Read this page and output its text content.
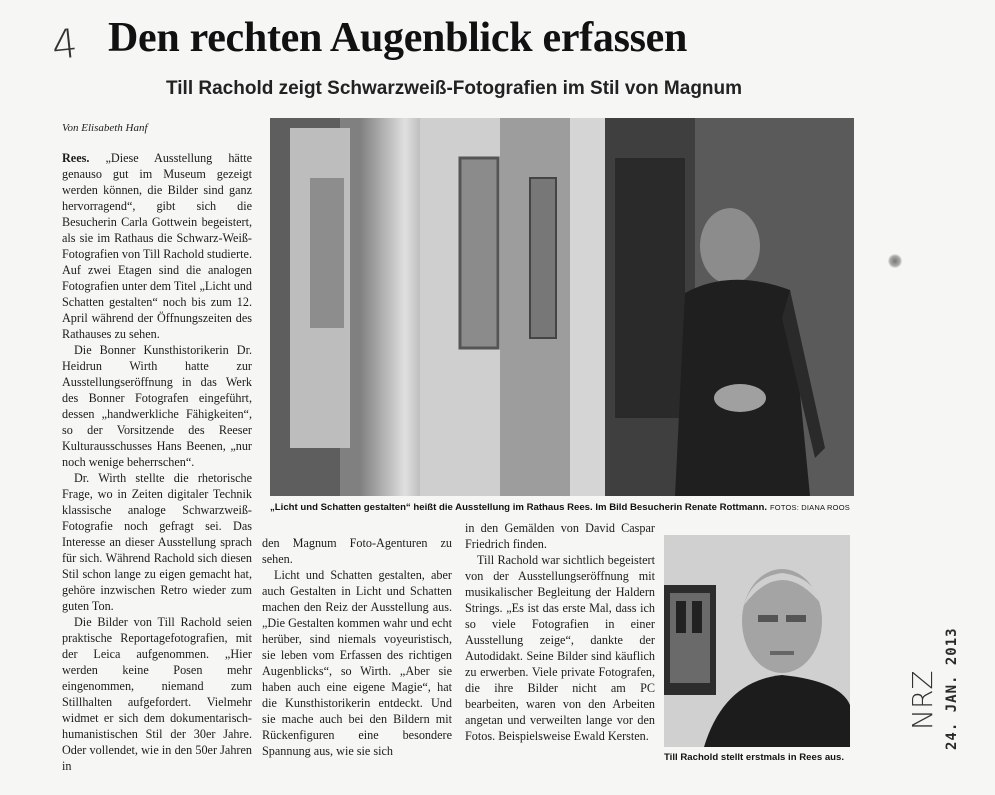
4 Den rechten Augenblick erfassen
Till Rachold zeigt Schwarzweiß-Fotografien im Stil von Magnum
Von Elisabeth Hanf

Rees. „Diese Ausstellung hätte genauso gut im Museum gezeigt werden können, die Bilder sind ganz hervorragend“, gibt sich die Besucherin Carla Gottwein begeistert, als sie im Rathaus die Schwarz-Weiß-Fotografien von Till Rachold studierte. Auf zwei Etagen sind die analogen Fotografien unter dem Titel „Licht und Schatten gestalten“ noch bis zum 12. April während der Öffnungszeiten des Rathauses zu sehen.

Die Bonner Kunsthistorikerin Dr. Heidrun Wirth hatte zur Ausstellungseröffnung in das Werk des Bonner Fotografen eingeführt, dessen „handwerkliche Fähigkeiten“, so der Vorsitzende des Reeser Kulturausschusses Hans Beenen, „nur noch wenige beherrschen“.

Dr. Wirth stellte die rhetorische Frage, wo in Zeiten digitaler Technik klassische analoge Schwarzweiß-Fotografie noch gefragt sei. Das Interesse an dieser Ausstellung sprach für sich. Während Rachold sich diesen Stil schon lange zu eigen gemacht hat, gehöre inzwischen Retro wieder zum guten Ton.

Die Bilder von Till Rachold seien praktische Reportagefotografien, mit der Leica aufgenommen. „Hier werden keine Posen mehr eingenommen, niemand zum Stillhalten aufgefordert. Vielmehr widmet er sich dem dokumentarisch-humanistischen Stil der 30er Jahre. Oder vollendet, wie in den 50er Jahren in

„Licht und Schatten gestalten“ heißt die Ausstellung im Rathaus Rees. Im Bild Besucherin Renate Rottmann. FOTOS: DIANA ROOS

den Magnum Foto-Agenturen zu sehen.

Licht und Schatten gestalten, aber auch Gestalten in Licht und Schatten machen den Reiz der Ausstellung aus. „Die Gestalten kommen wahr und echt herüber, sind niemals voyeuristisch, sie leben vom Erfassen des richtigen Augenblicks“, so Wirth. „Aber sie haben auch eine eigene Magie“, hat die Kunsthistorikerin entdeckt. Und sie mache auch bei den Bildern mit Rückenfiguren eine besondere Spannung aus, wie sie sich

in den Gemälden von David Caspar Friedrich finden.

Till Rachold war sichtlich begeistert von der Ausstellungseröffnung mit musikalischer Begleitung der Haldern Strings. „Es ist das erste Mal, dass ich so viele Fotografien in einer Ausstellung zeige“, dankte der Autodidakt. Seine Bilder sind käuflich zu erwerben. Viele private Fotografen, die ihre Bilder nicht am PC bearbeiten, waren von den Arbeiten angetan und verweilten lange vor den Fotos. Beispielsweise Ewald Kersten.

Till Rachold stellt erstmals in Rees aus.
NRZ 24. JAN. 2013
